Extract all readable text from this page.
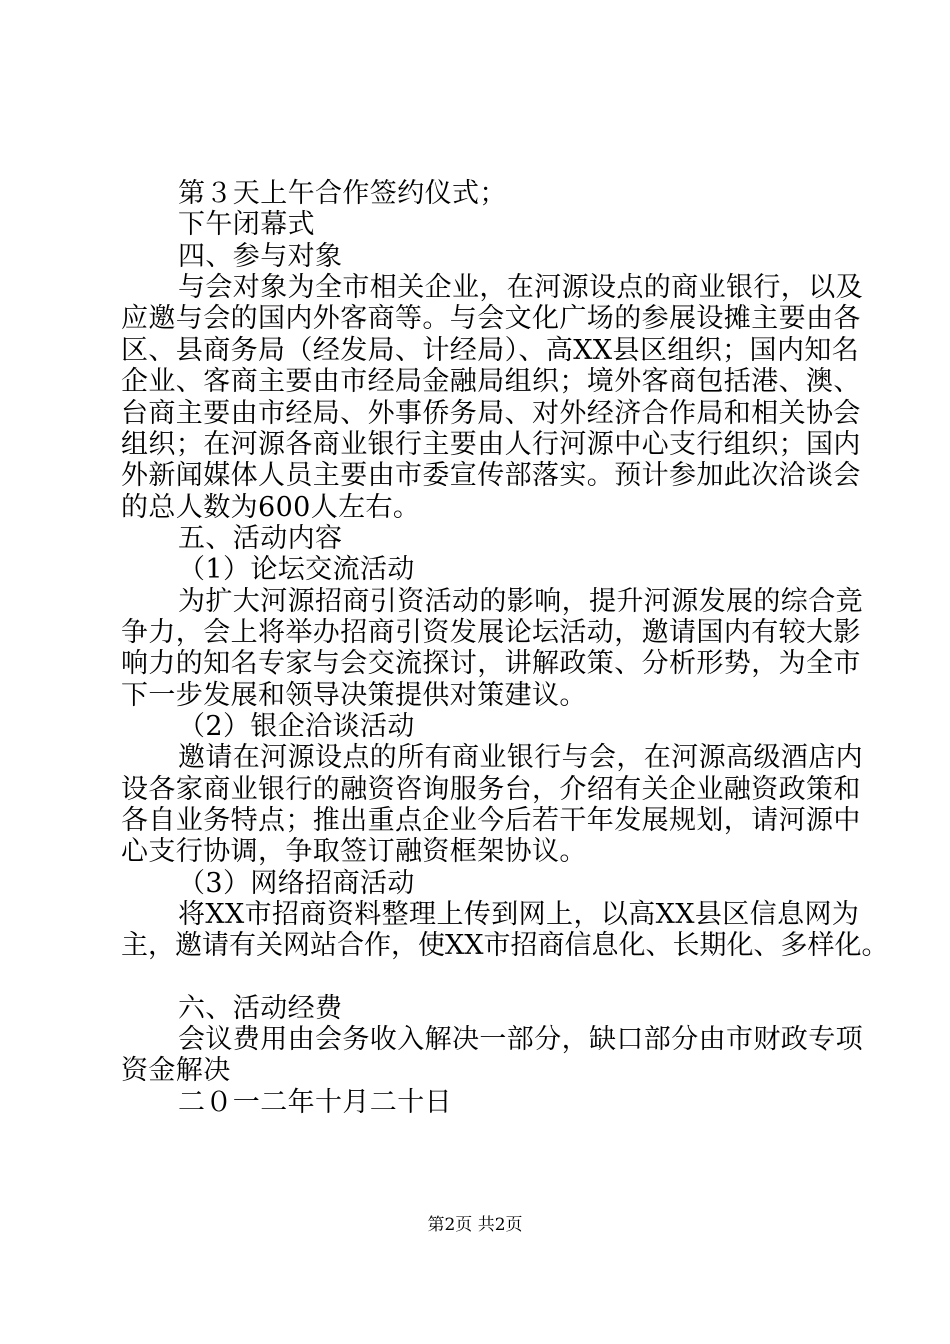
第３天上午合作签约仪式；
下午闭幕式
四、参与对象
与会对象为全市相关企业，在河源设点的商业银行，以及
应邀与会的国内外客商等。与会文化广场的参展设摊主要由各
区、县商务局（经发局、计经局）、高XX县区组织；国内知名
企业、客商主要由市经局金融局组织；境外客商包括港、澳、
台商主要由市经局、外事侨务局、对外经济合作局和相关协会
组织；在河源各商业银行主要由人行河源中心支行组织；国内
外新闻媒体人员主要由市委宣传部落实。预计参加此次洽谈会
的总人数为600人左右。
五、活动内容
（1）论坛交流活动
为扩大河源招商引资活动的影响，提升河源发展的综合竞
争力，会上将举办招商引资发展论坛活动，邀请国内有较大影
响力的知名专家与会交流探讨，讲解政策、分析形势，为全市
下一步发展和领导决策提供对策建议。
（2）银企洽谈活动
邀请在河源设点的所有商业银行与会，在河源高级酒店内
设各家商业银行的融资咨询服务台，介绍有关企业融资政策和
各自业务特点；推出重点企业今后若干年发展规划，请河源中
心支行协调，争取签订融资框架协议。
（3）网络招商活动
将XX市招商资料整理上传到网上，以高XX县区信息网为
主，邀请有关网站合作，使XX市招商信息化、长期化、多样化。
六、活动经费
会议费用由会务收入解决一部分，缺口部分由市财政专项
资金解决
二０一二年十月二十日
第2页 共2页
